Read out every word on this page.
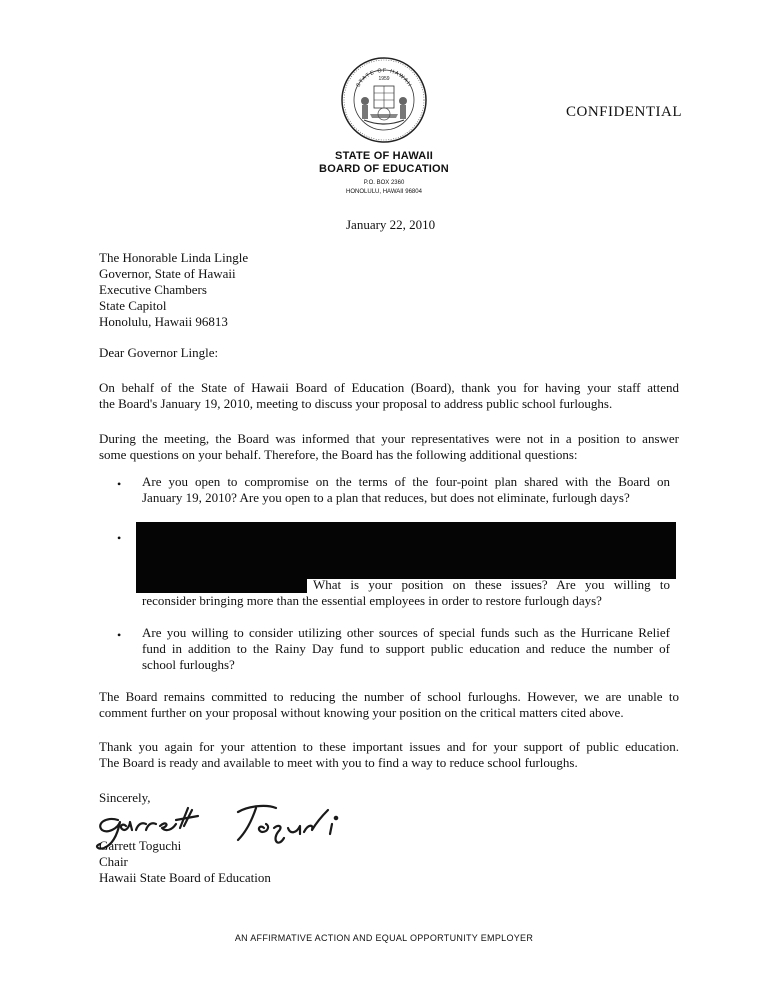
STATE OF HAWAII
1959
CONFIDENTIAL
STATE OF HAWAII
BOARD OF EDUCATION
P.O. BOX 2360
HONOLULU, HAWAII 96804
January 22, 2010
The Honorable Linda Lingle
Governor, State of Hawaii
Executive Chambers
State Capitol
Honolulu, Hawaii 96813
Dear Governor Lingle:
On behalf of the State of Hawaii Board of Education (Board), thank you for having your staff attend
the Board's January 19, 2010, meeting to discuss your proposal to address public school furloughs.
During the meeting, the Board was informed that your representatives were not in a position to answer
some questions on your behalf. Therefore, the Board has the following additional questions:
• Are you open to compromise on the terms of the four-point plan shared with the Board on
January 19, 2010? Are you open to a plan that reduces, but does not eliminate, furlough days?
•
What is your position on these issues? Are you willing to
reconsider bringing more than the essential employees in order to restore furlough days?
• Are you willing to consider utilizing other sources of special funds such as the Hurricane Relief
fund in addition to the Rainy Day fund to support public education and reduce the number of
school furloughs?
The Board remains committed to reducing the number of school furloughs. However, we are unable to
comment further on your proposal without knowing your position on the critical matters cited above.
Thank you again for your attention to these important issues and for your support of public education.
The Board is ready and available to meet with you to find a way to reduce school furloughs.
Sincerely,
Garrett Toguchi
Chair
Hawaii State Board of Education
AN AFFIRMATIVE ACTION AND EQUAL OPPORTUNITY EMPLOYER
